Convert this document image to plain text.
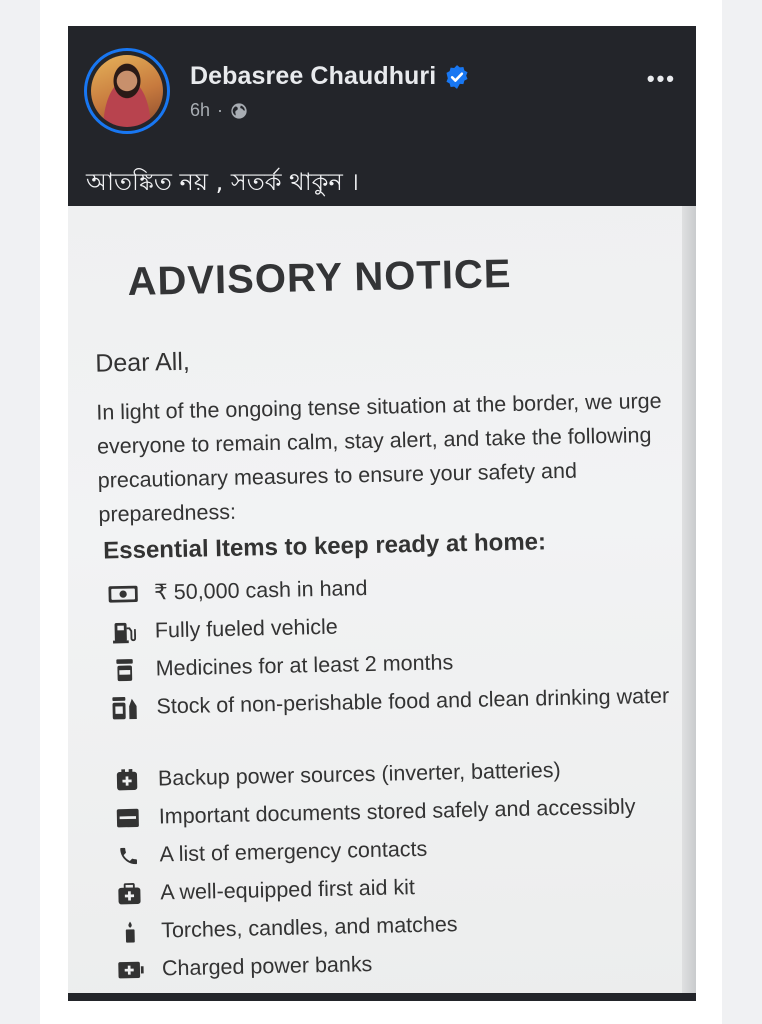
Debasree Chaudhuri
6h ·
•••
আতঙ্কিত নয় , সতর্ক থাকুন ।
ADVISORY NOTICE
Dear All,
In light of the ongoing tense situation at the border, we urge everyone to remain calm, stay alert, and take the following precautionary measures to ensure your safety and preparedness:
Essential Items to keep ready at home:
₹ 50,000 cash in hand
Fully fueled vehicle
Medicines for at least 2 months
Stock of non-perishable food and clean drinking water
Backup power sources (inverter, batteries)
Important documents stored safely and accessibly
A list of emergency contacts
A well-equipped first aid kit
Torches, candles, and matches
Charged power banks
